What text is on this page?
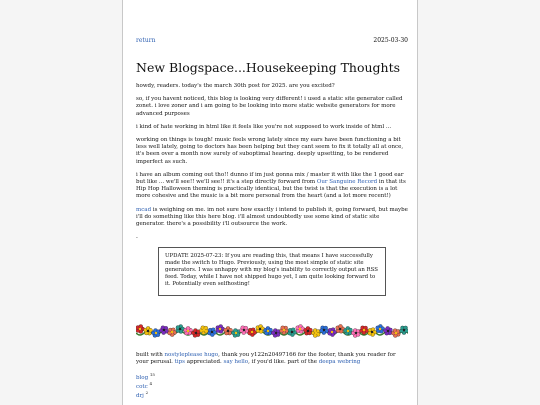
return	2025-03-30
New Blogspace...Housekeeping Thoughts

howdy, readers. today's the march 30th post for 2025. are you excited?

so, if you havent noticed, this blog is looking very different! i used a static site generator called zonet. i love zoner and i am going to be looking into more static website generators for more advanced purposes

i kind of hate working in html like it feels like you're not supposed to work inside of html ...

working on things is tough! music feels wrong lately since my ears have been functioning a bit less well lately, going to doctors has been helping but they cant seem to fix it totally all at once, it's been over a month now surely of suboptimal hearing. deeply upsetting, to be rendered imperfect as such.

i have an album coming out tho!! dunno if im just gonna mix / master it with like the 1 good ear but like ... we'll see!! we'll see!! it's a step directly forward from Our Sanguine Record in that its Hip Hop Halloween theming is practically identical, but the twist is that the execution is a lot more cohesive and the music is a bit more personal from the heart (and a lot more recent!)

mcad is weighing on me. im not sure how exactly i intend to publish it, going forward, but maybe i'll do something like this here blog. i'll almost undoubtedly use some kind of static site generator. there's a possibility i'll outsource the work.

.
UPDATE 2025-07-23: If you are reading this, that means I have successfully made the switch to Hugo. Previously, using the most simple of static site generators. I was unhappy with my blog's inability to correctly output an RSS feed. Today, while I have not shipped hugo yet, I am quite looking forward to it. Potentially even selfhosting!
built with nostyleplease hugo, thank you y122n20497166 for the footer, thank you reader for your perusal. tips appreciated. say hello, if you'd like. part of the deepa webring
blog $^{15}$
cotc $^4$
drj $^2$
